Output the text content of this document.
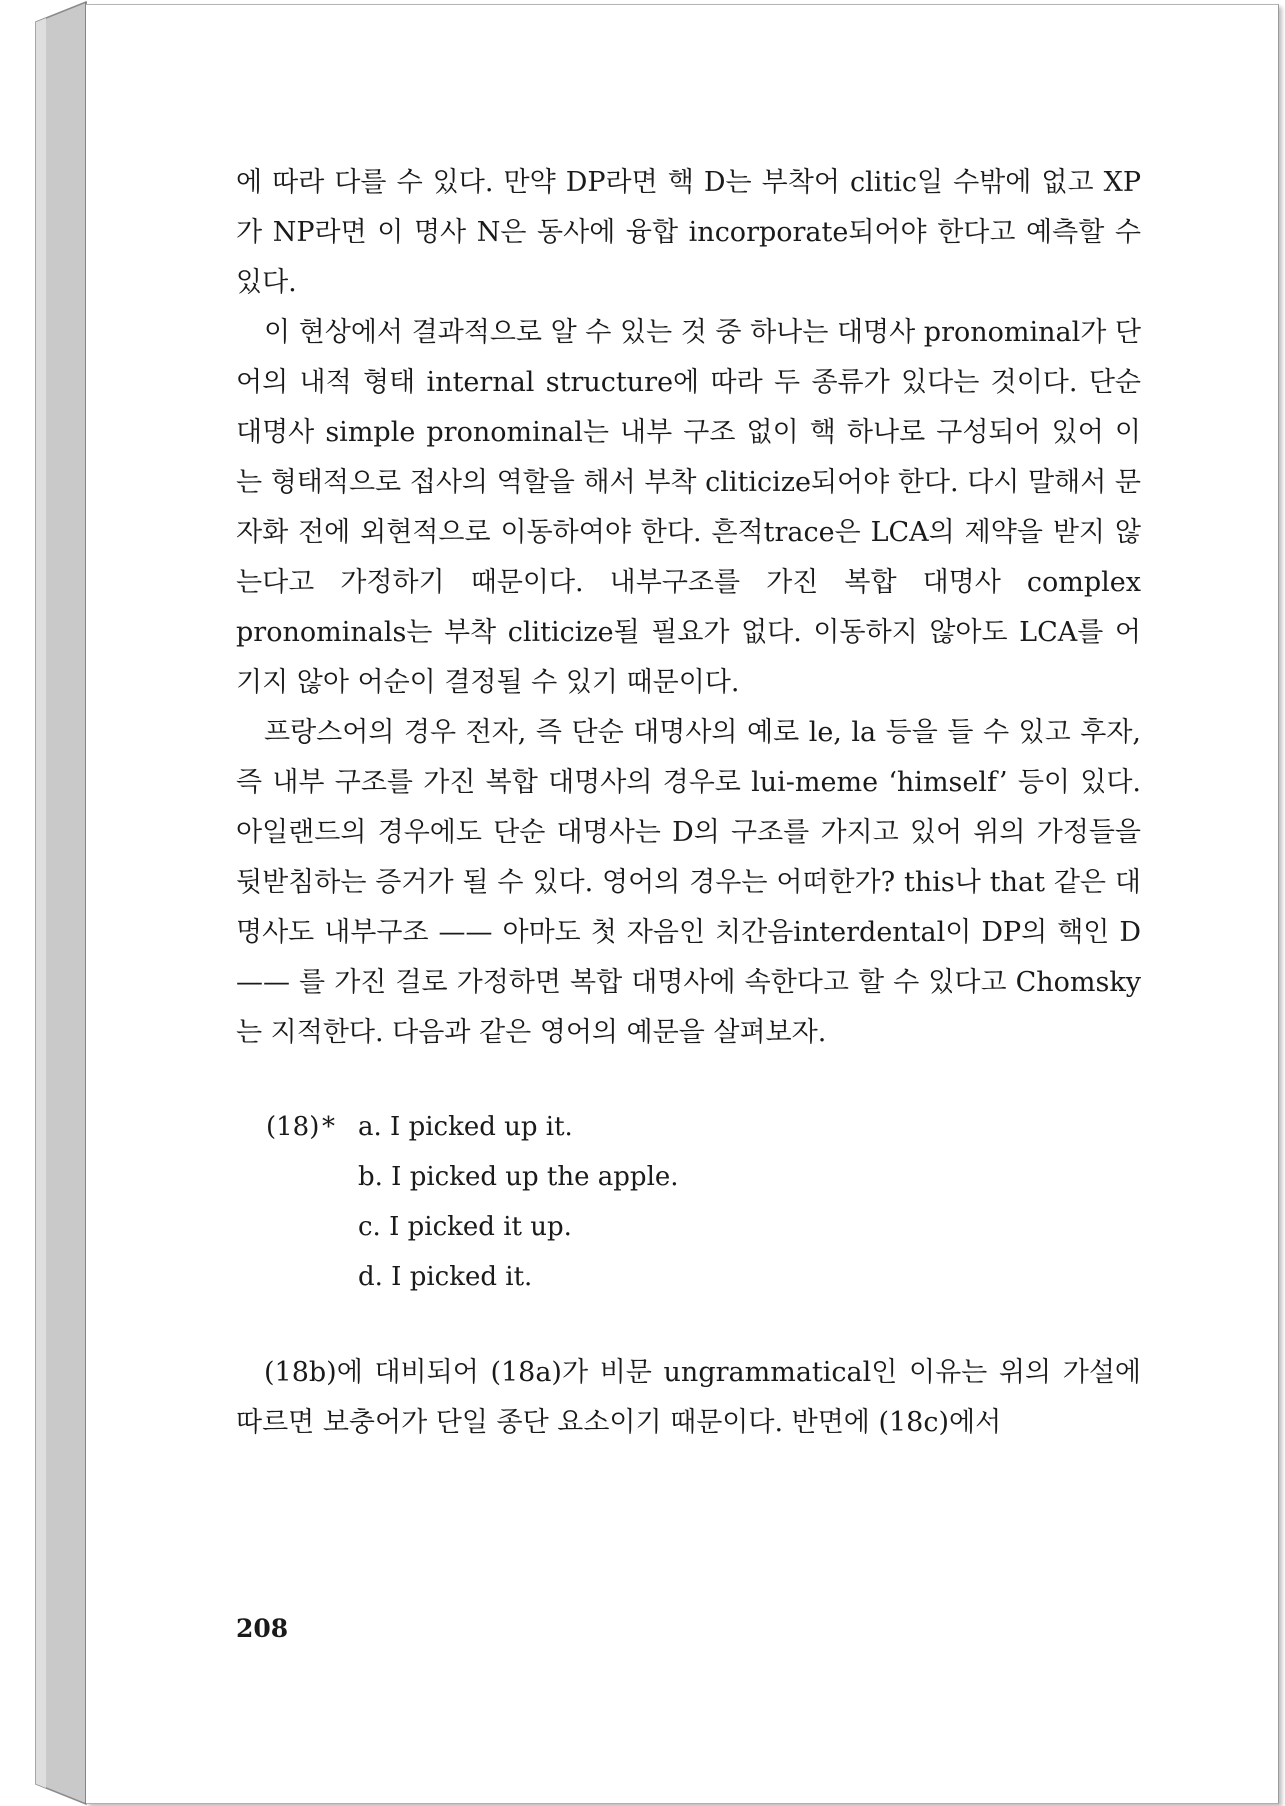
에 따라 다를 수 있다. 만약 DP라면 핵 D는 부착어 clitic일 수밖에 없고 XP가 NP라면 이 명사 N은 동사에 융합 incorporate되어야 한다고 예측할 수 있다.

이 현상에서 결과적으로 알 수 있는 것 중 하나는 대명사 pronominal가 단어의 내적 형태 internal structure에 따라 두 종류가 있다는 것이다. 단순 대명사 simple pronominal는 내부 구조 없이 핵 하나로 구성되어 있어 이는 형태적으로 접사의 역할을 해서 부착 cliticize되어야 한다. 다시 말해서 문자화 전에 외현적으로 이동하여야 한다. 흔적trace은 LCA의 제약을 받지 않는다고 가정하기 때문이다. 내부구조를 가진 복합 대명사 complex pronominals는 부착 cliticize될 필요가 없다. 이동하지 않아도 LCA를 어기지 않아 어순이 결정될 수 있기 때문이다.

프랑스어의 경우 전자, 즉 단순 대명사의 예로 le, la 등을 들 수 있고 후자, 즉 내부 구조를 가진 복합 대명사의 경우로 lui-meme ‘himself’ 등이 있다. 아일랜드의 경우에도 단순 대명사는 D의 구조를 가지고 있어 위의 가정들을 뒷받침하는 증거가 될 수 있다. 영어의 경우는 어떠한가? this나 that 같은 대명사도 내부구조 —— 아마도 첫 자음인 치간음interdental이 DP의 핵인 D —— 를 가진 걸로 가정하면 복합 대명사에 속한다고 할 수 있다고 Chomsky는 지적한다. 다음과 같은 영어의 예문을 살펴보자.

(18) * a. I picked up it.
b. I picked up the apple.
c. I picked it up.
d. I picked it.

(18b)에 대비되어 (18a)가 비문 ungrammatical인 이유는 위의 가설에 따르면 보충어가 단일 종단 요소이기 때문이다. 반면에 (18c)에서

208
